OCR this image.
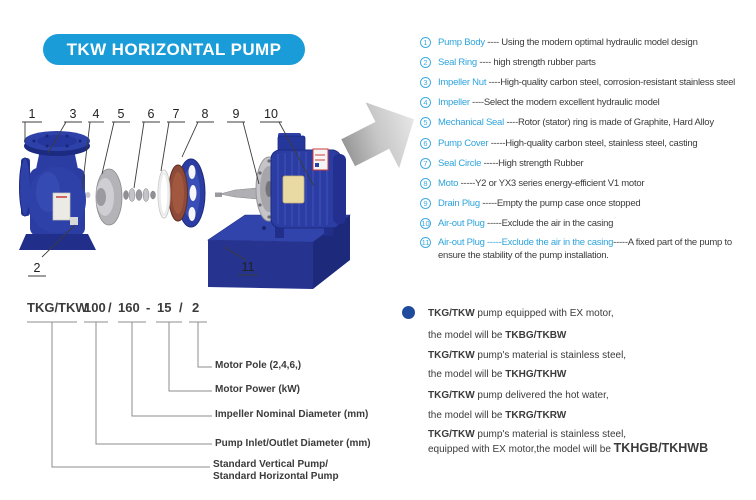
TKW HORIZONTAL PUMP
1	3 4 5 6 7 8 9 10
2	11
1	Pump Body ---- Using the modern optimal hydraulic model design
2	Seal Ring ---- high strength rubber parts
3	Impeller Nut ----High-quality carbon steel, corrosion-resistant stainless steel
4	Impeller ----Select the modern excellent hydraulic model
5	Mechanical Seal ----Rotor (stator) ring is made of Graphite, Hard Alloy
6	Pump Cover -----High-quality carbon steel, stainless steel, casting
7	Seal Circle -----High strength Rubber
8	Moto -----Y2 or YX3 series energy-efficient V1 motor
9	Drain Plug -----Empty the pump case once stopped
10 Air-out Plug -----Exclude the air in the casing
11 Air-out Plug -----Exclude the air in the casing-----A fixed part of the pump to ensure the stability of the pump installation.
TKG/TKW
100 / 160 - 15 / 2
Motor Pole (2,4,6,)
Motor Power (kW)
Impeller Nominal Diameter (mm)
Pump Inlet/Outlet Diameter (mm)
Standard Vertical Pump/
Standard Horizontal Pump
TKG/TKW pump equipped with EX motor,
the model will be TKBG/TKBW
TKG/TKW pump's material is stainless steel,
the model will be TKHG/TKHW
TKG/TKW pump delivered the hot water,
the model will be TKRG/TKRW
TKG/TKW pump's material is stainless steel,
equipped with EX motor,the model will be TKHGB/TKHWB
